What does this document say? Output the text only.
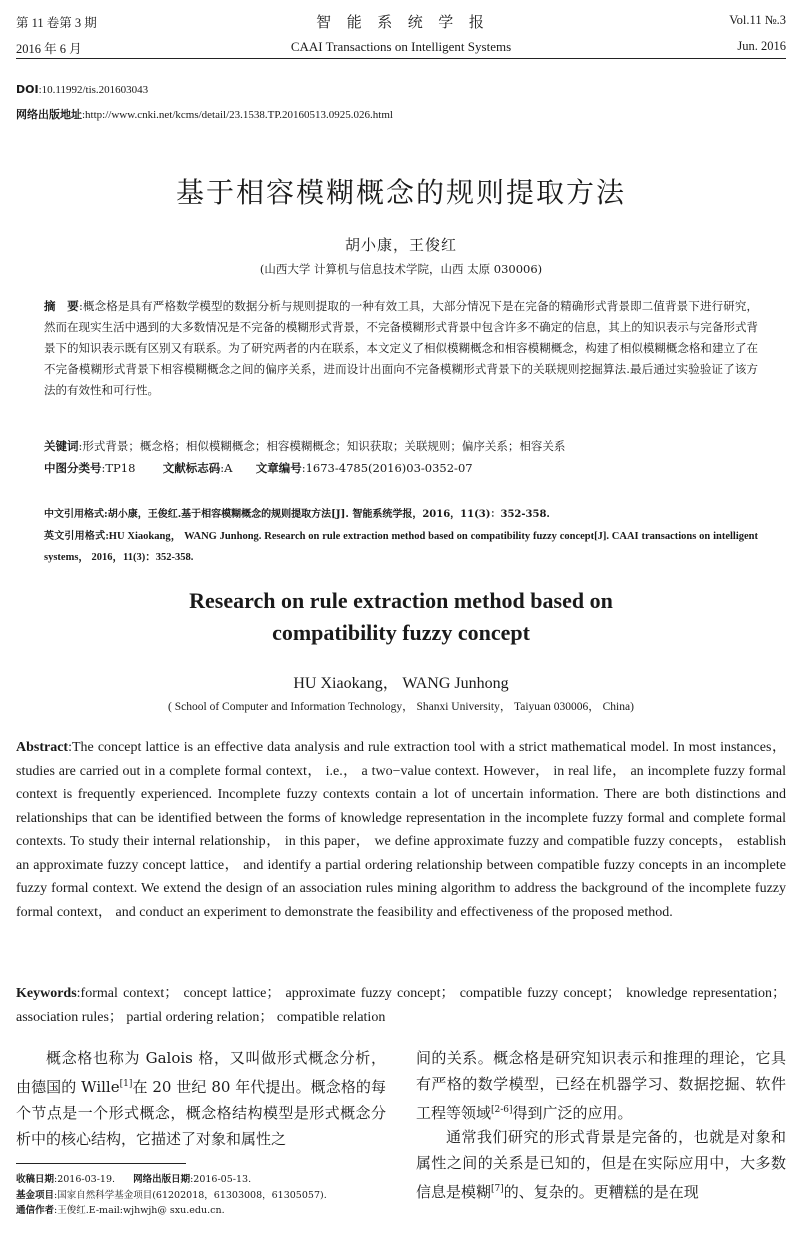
第 11 卷第 3 期
2016 年 6 月
智  能  系  统  学  报
CAAI Transactions on Intelligent Systems
Vol.11 №.3
Jun. 2016
DOI:10.11992/tis.201603043
网络出版地址:http://www.cnki.net/kcms/detail/23.1538.TP.20160513.0925.026.html
基于相容模糊概念的规则提取方法
胡小康，王俊红
(山西大学 计算机与信息技术学院，山西 太原 030006)
摘　要:概念格是具有严格数学模型的数据分析与规则提取的一种有效工具，大部分情况下是在完备的精确形式背景即二值背景下进行研究，然而在现实生活中遇到的大多数情况是不完备的模糊形式背景，不完备模糊形式背景中包含许多不确定的信息，其上的知识表示与完备形式背景下的知识表示既有区别又有联系。为了研究两者的内在联系，本文定义了相似模糊概念和相容模糊概念，构建了相似模糊概念格和建立了在不完备模糊形式背景下相容模糊概念之间的偏序关系，进而设计出面向不完备模糊形式背景下的关联规则挖掘算法.最后通过实验验证了该方法的有效性和可行性。
关键词:形式背景；概念格；相似模糊概念；相容模糊概念；知识获取；关联规则；偏序关系；相容关系
中图分类号:TP18 文献标志码:A 文章编号:1673-4785(2016)03-0352-07
中文引用格式:胡小康，王俊红.基于相容模糊概念的规则提取方法[J]. 智能系统学报，2016，11(3)：352-358.
英文引用格式:HU Xiaokang， WANG Junhong. Research on rule extraction method based on compatibility fuzzy concept[J]. CAAI transactions on intelligent systems， 2016，11(3)：352-358.
Research on rule extraction method based on
compatibility fuzzy concept
HU Xiaokang， WANG Junhong
( School of Computer and Information Technology， Shanxi University， Taiyuan 030006， China)
Abstract:The concept lattice is an effective data analysis and rule extraction tool with a strict mathematical model. In most instances， studies are carried out in a complete formal context， i.e.， a two−value context. However， in real life， an incomplete fuzzy formal context is frequently experienced. Incomplete fuzzy contexts contain a lot of uncertain information. There are both distinctions and relationships that can be identified between the forms of knowledge representation in the incomplete fuzzy formal and complete formal contexts. To study their internal relationship， in this paper， we define approximate fuzzy and compatible fuzzy concepts， establish an approximate fuzzy concept lattice， and identify a partial ordering relationship between compatible fuzzy concepts in an incomplete fuzzy formal context. We extend the design of an association rules mining algorithm to address the background of the incomplete fuzzy formal context， and conduct an experiment to demonstrate the feasibility and effectiveness of the proposed method.
Keywords:formal context； concept lattice； approximate fuzzy concept； compatible fuzzy concept； knowledge representation； association rules； partial ordering relation； compatible relation
概念格也称为 Galois 格，又叫做形式概念分析，由德国的 Wille[1]在 20 世纪 80 年代提出。概念格的每个节点是一个形式概念，概念格结构模型是形式概念分析中的核心结构，它描述了对象和属性之
收稿日期:2016-03-19. 网络出版日期:2016-05-13.
基金项目:国家自然科学基金项目(61202018，61303008，61305057).
通信作者:王俊红.E-mail:wjhwjh@ sxu.edu.cn.
间的关系。概念格是研究知识表示和推理的理论，它具有严格的数学模型，已经在机器学习、数据挖掘、软件工程等领域[2-6]得到广泛的应用。
通常我们研究的形式背景是完备的，也就是对象和属性之间的关系是已知的，但是在实际应用中，大多数信息是模糊[7]的、复杂的。更糟糕的是在现
